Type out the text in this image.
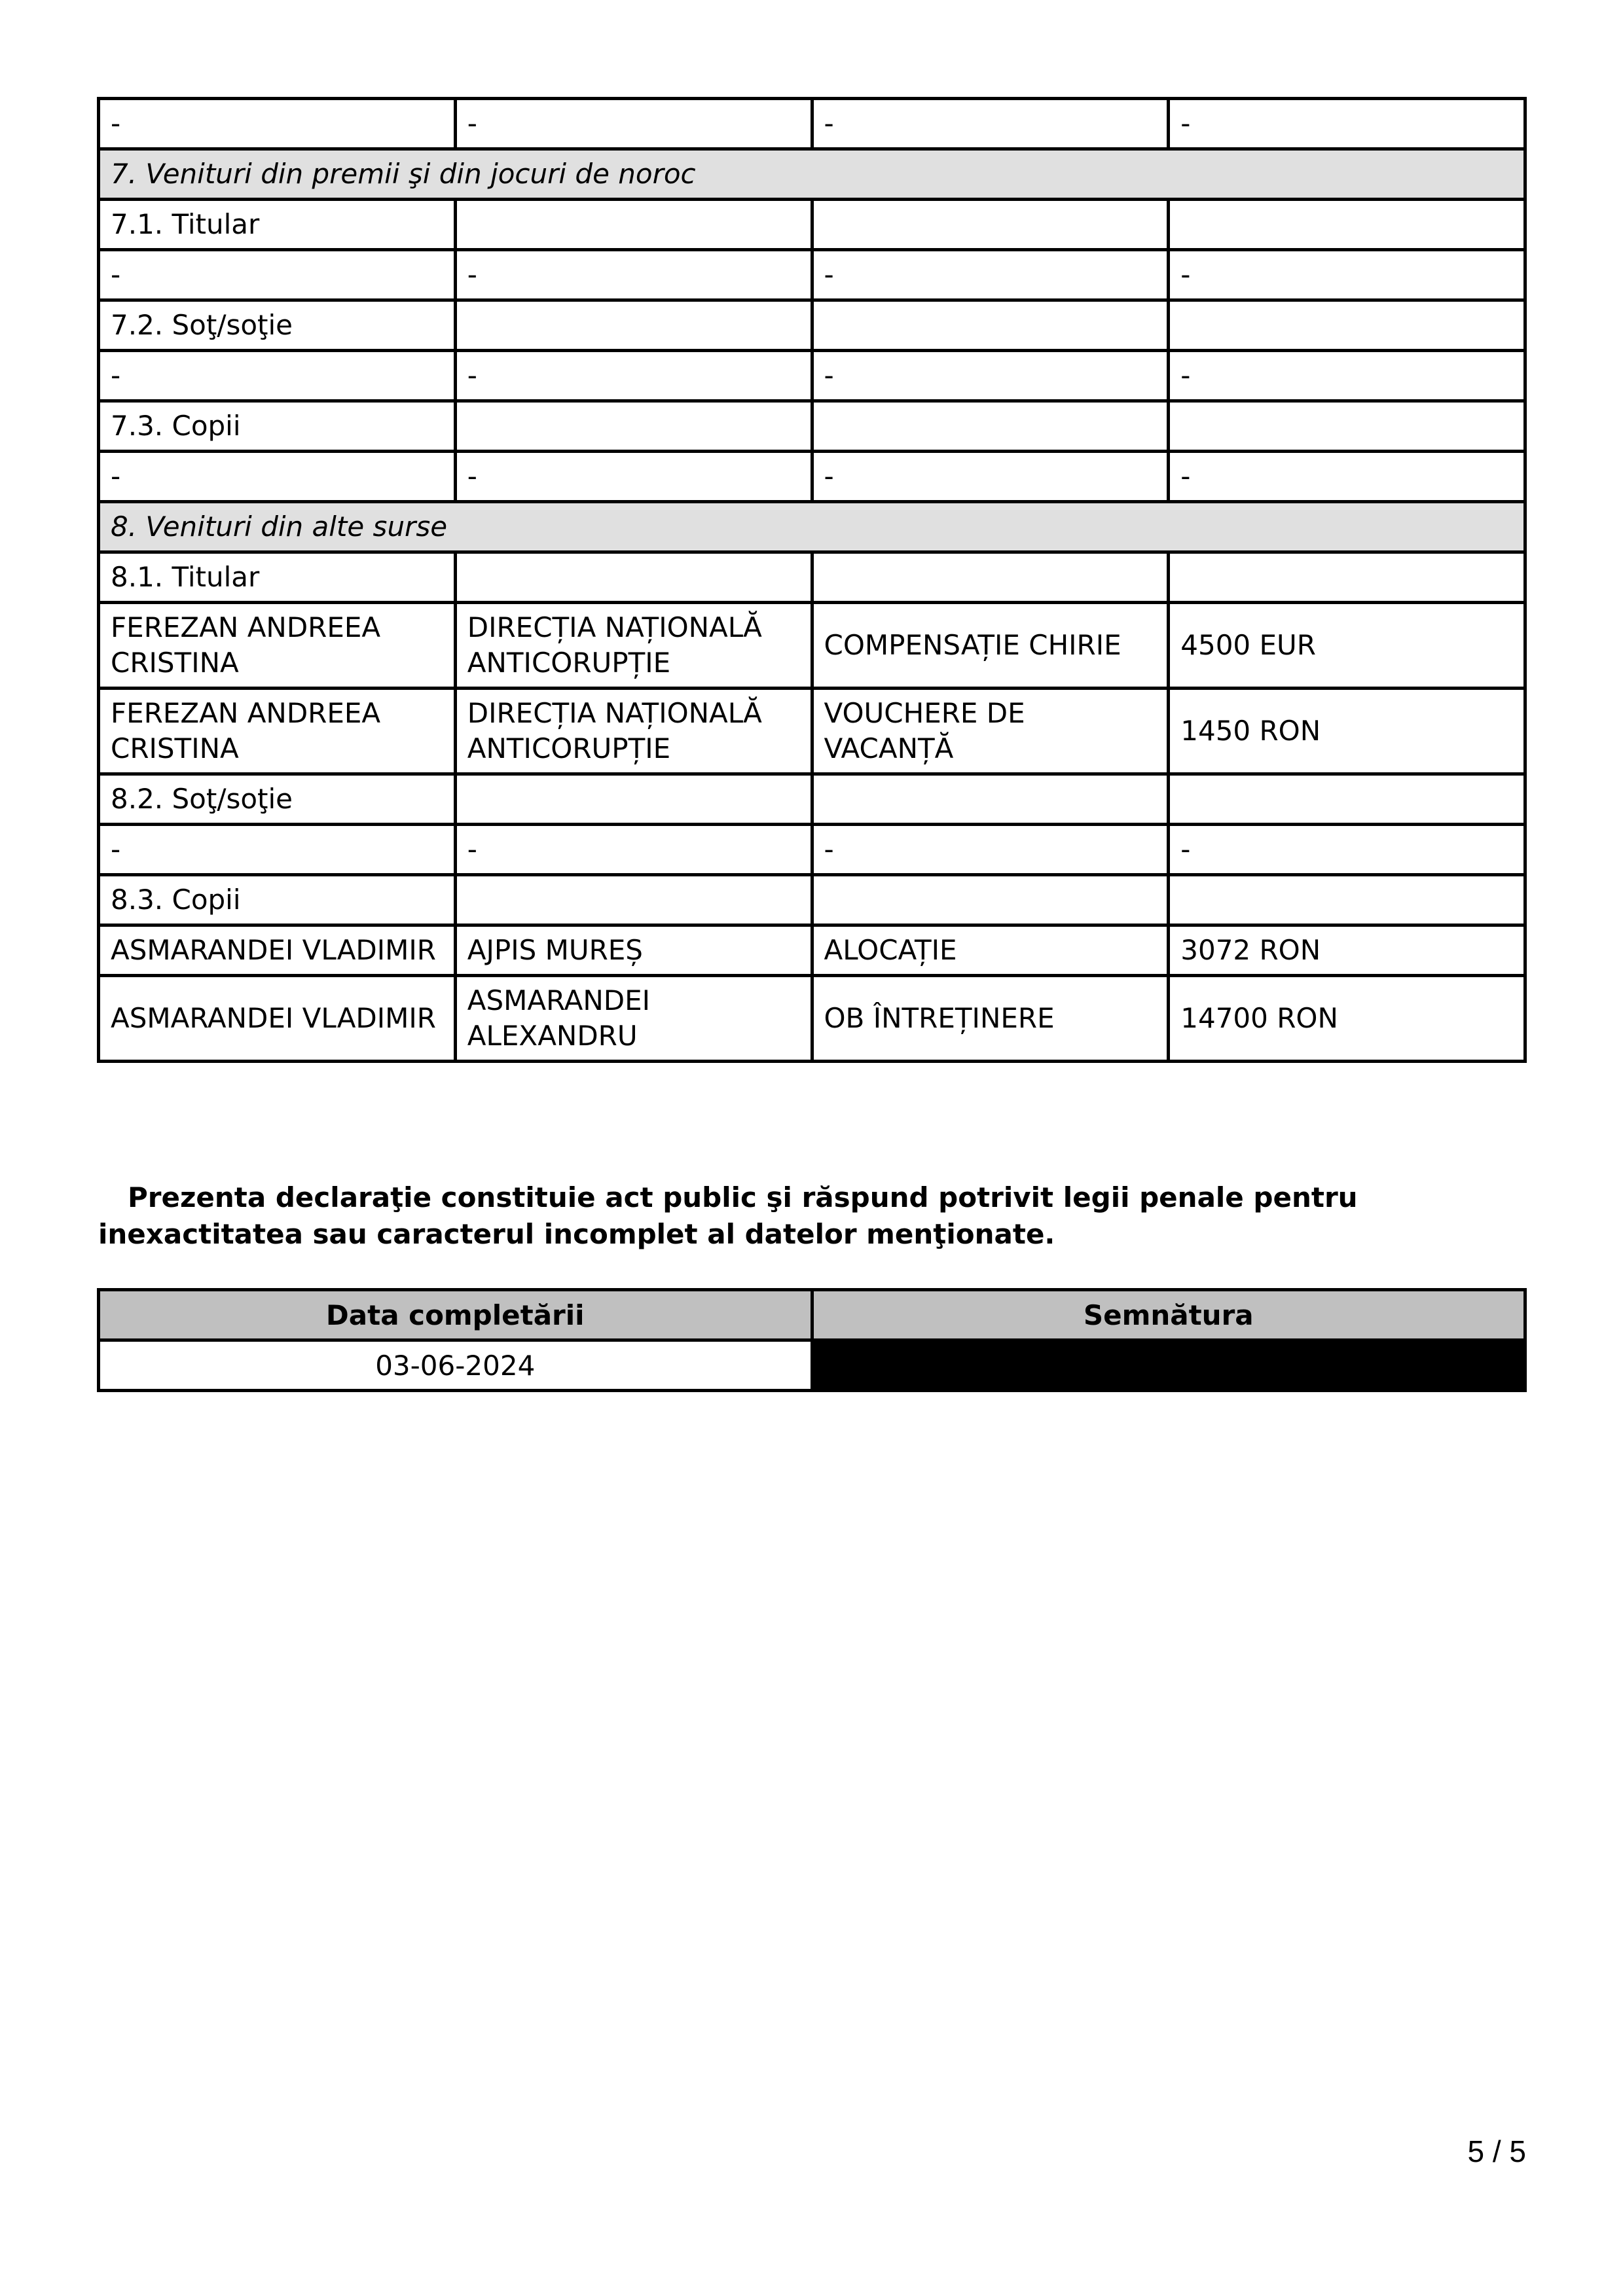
-	-	-	-
7. Venituri din premii şi din jocuri de noroc			
7.1. Titular			
-	-	-	-
7.2. Soţ/soţie			
-	-	-	-
7.3. Copii			
-	-	-	-
8. Venituri din alte surse			
8.1. Titular			
FEREZAN ANDREEA CRISTINA	DIRECȚIA NAȚIONALĂ ANTICORUPȚIE	COMPENSAȚIE CHIRIE	4500 EUR
FEREZAN ANDREEA CRISTINA	DIRECȚIA NAȚIONALĂ ANTICORUPȚIE	VOUCHERE DE VACANȚĂ	1450 RON
8.2. Soţ/soţie			
-	-	-	-
8.3. Copii			
ASMARANDEI VLADIMIR	AJPIS MUREȘ	ALOCAȚIE	3072 RON
ASMARANDEI VLADIMIR	ASMARANDEI ALEXANDRU	OB ÎNTREȚINERE	14700 RON

Prezenta declaraţie constituie act public şi răspund potrivit legii penale pentru inexactitatea sau caracterul incomplet al datelor menţionate.

Data completării	Semnătura
03-06-2024	
5 / 5
